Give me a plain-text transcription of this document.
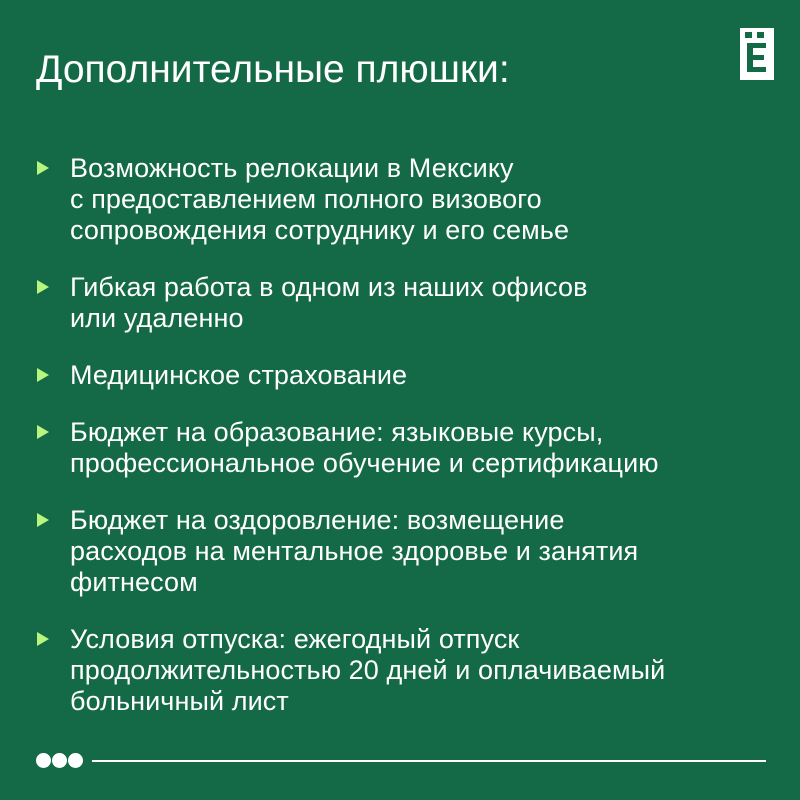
Дополнительные плюшки:
Возможность релокации в Мексику
с предоставлением полного визового
сопровождения сотруднику и его семье
Гибкая работа в одном из наших офисов
или удаленно
Медицинское страхование
Бюджет на образование: языковые курсы,
профессиональное обучение и сертификацию
Бюджет на оздоровление: возмещение
расходов на ментальное здоровье и занятия
фитнесом
Условия отпуска: ежегодный отпуск
продолжительностью 20 дней и оплачиваемый
больничный лист
